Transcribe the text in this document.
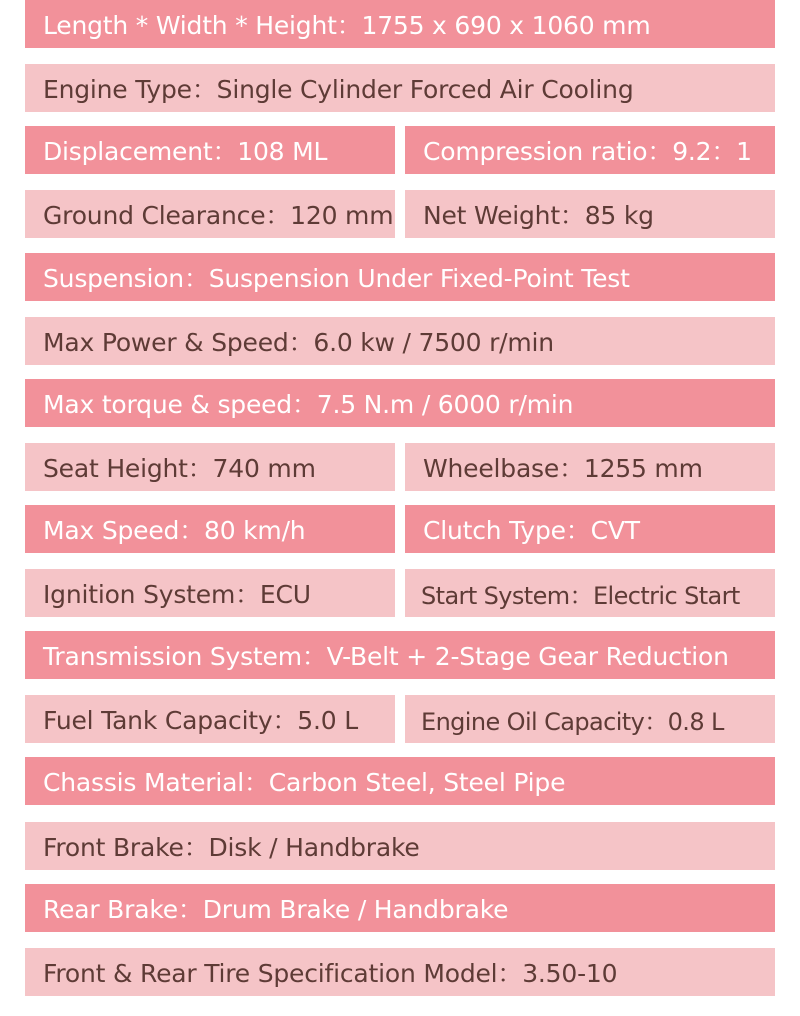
Length * Width * Height：1755 x 690 x 1060 mm
Engine Type：Single Cylinder Forced Air Cooling
Displacement：108 ML	Compression ratio：9.2：1
Ground Clearance：120 mm Net Weight：85 kg
Suspension：Suspension Under Fixed-Point Test
Max Power & Speed：6.0 kw / 7500 r/min
Max torque & speed：7.5 N.m / 6000 r/min
Seat Height：740 mm	Wheelbase：1255 mm
Max Speed：80 km/h	Clutch Type：CVT
Ignition System：ECU	Start System：Electric Start
Transmission System：V-Belt + 2-Stage Gear Reduction
Fuel Tank Capacity：5.0 L	Engine Oil Capacity：0.8 L
Chassis Material：Carbon Steel, Steel Pipe
Front Brake：Disk / Handbrake
Rear Brake：Drum Brake / Handbrake
Front & Rear Tire Specification Model：3.50-10
